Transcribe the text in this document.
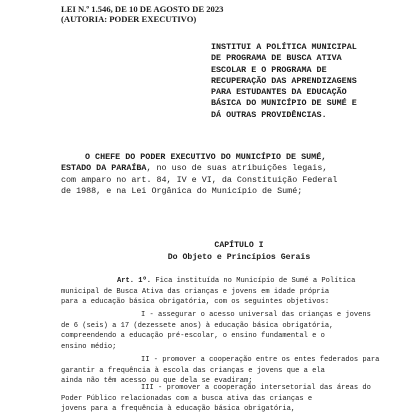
LEI N.º 1.546, DE 10 DE AGOSTO DE 2023

(AUTORIA: PODER EXECUTIVO)

INSTITUI A POLÍTICA MUNICIPAL
DE PROGRAMA DE BUSCA ATIVA
ESCOLAR E O PROGRAMA DE
RECUPERAÇÃO DAS APRENDIZAGENS
PARA ESTUDANTES DA EDUCAÇÃO
BÁSICA DO MUNICÍPIO DE SUMÉ E
DÁ OUTRAS PROVIDÊNCIAS.

O CHEFE DO PODER EXECUTIVO DO MUNICÍPIO DE SUMÉ,
ESTADO DA PARAÍBA, no uso de suas atribuições legais,
com amparo no art. 84, IV e VI, da Constituição Federal
de 1988, e na Lei Orgânica do Município de Sumé;

CAPÍTULO I

Do Objeto e Princípios Gerais

Art. 1º. Fica instituída no Município de Sumé a Política
municipal de Busca Ativa das crianças e jovens em idade própria
para a educação básica obrigatória, com os seguintes objetivos:

I - assegurar o acesso universal das crianças e jovens
de 6 (seis) a 17 (dezessete anos) à educação básica obrigatória,
compreendendo a educação pré-escolar, o ensino fundamental e o
ensino médio;

II - promover a cooperação entre os entes federados para
garantir a frequência à escola das crianças e jovens que a ela
ainda não têm acesso ou que dela se evadiram;

III - promover a cooperação intersetorial das áreas do
Poder Público relacionadas com a busca ativa das crianças e
jovens para a frequência à educação básica obrigatória,
